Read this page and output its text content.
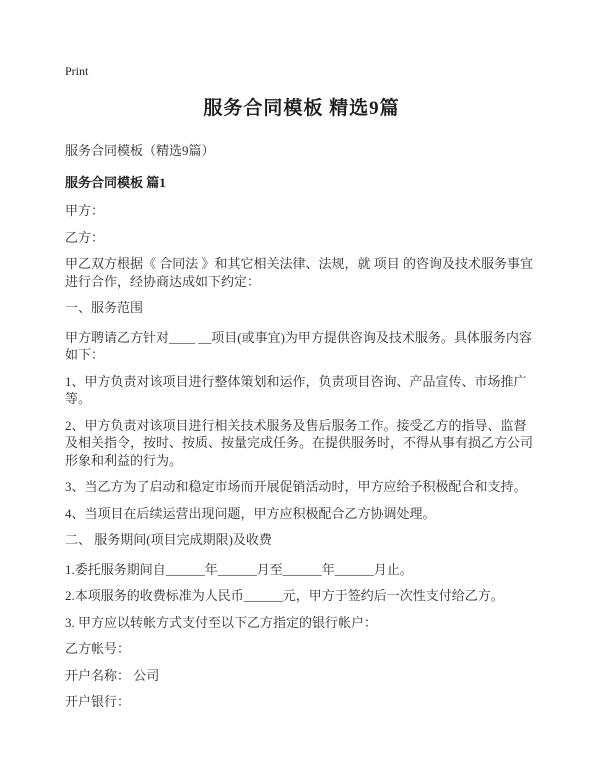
Print
服务合同模板 精选9篇

服务合同模板（精选9篇）

服务合同模板 篇1

甲方：

乙方：

甲乙双方根据《 合同法 》和其它相关法律、法规，就 项目 的咨询及技术服务事宜进行合作，经协商达成如下约定：

一、服务范围

甲方聘请乙方针对____ __项目(或事宜)为甲方提供咨询及技术服务。具体服务内容如下：

1、甲方负责对该项目进行整体策划和运作，负责项目咨询、产品宣传、市场推广等。

2、甲方负责对该项目进行相关技术服务及售后服务工作。接受乙方的指导、监督及相关指令，按时、按质、按量完成任务。在提供服务时，不得从事有损乙方公司形象和利益的行为。

3、当乙方为了启动和稳定市场而开展促销活动时，甲方应给予积极配合和支持。

4、当项目在后续运营出现问题，甲方应积极配合乙方协调处理。

二、 服务期间(项目完成期限)及收费

1.委托服务期间自______年______月至______年______月止。

2.本项服务的收费标准为人民币______元，甲方于签约后一次性支付给乙方。

3. 甲方应以转帐方式支付至以下乙方指定的银行帐户：

乙方帐号：

开户名称： 公司

开户银行：
